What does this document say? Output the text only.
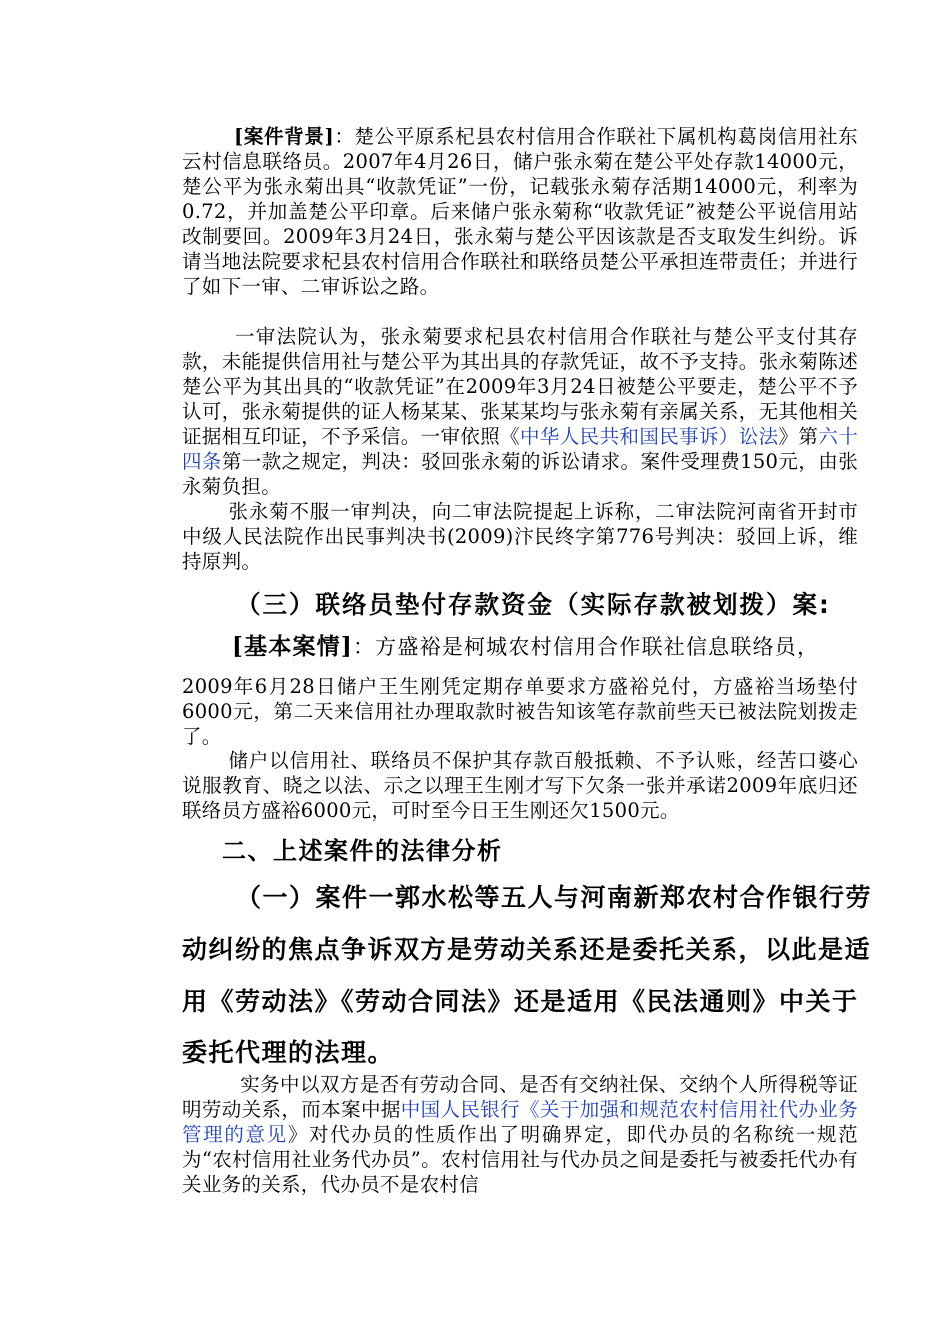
[案件背景]：楚公平原系杞县农村信用合作联社下属机构葛岗信用社东云村信息联络员。2007年4月26日，储户张永菊在楚公平处存款14000元，楚公平为张永菊出具“收款凭证”一份，记载张永菊存活期14000元，利率为0.72，并加盖楚公平印章。后来储户张永菊称“收款凭证”被楚公平说信用站改制要回。2009年3月24日，张永菊与楚公平因该款是否支取发生纠纷。诉请当地法院要求杞县农村信用合作联社和联络员楚公平承担连带责任；并进行了如下一审、二审诉讼之路。

一审法院认为，张永菊要求杞县农村信用合作联社与楚公平支付其存款，未能提供信用社与楚公平为其出具的存款凭证，故不予支持。张永菊陈述楚公平为其出具的“收款凭证”在2009年3月24日被楚公平要走，楚公平不予认可，张永菊提供的证人杨某某、张某某均与张永菊有亲属关系，无其他相关证据相互印证，不予采信。一审依照《中华人民共和国民事诉）讼法》第六十四条第一款之规定，判决：驳回张永菊的诉讼请求。案件受理费150元，由张永菊负担。

张永菊不服一审判决，向二审法院提起上诉称，二审法院河南省开封市中级人民法院作出民事判决书(2009)汴民终字第776号判决：驳回上诉，维持原判。

（三）联络员垫付存款资金（实际存款被划拨）案:

[基本案情]：方盛裕是柯城农村信用合作联社信息联络员，

2009年6月28日储户王生刚凭定期存单要求方盛裕兑付，方盛裕当场垫付6000元，第二天来信用社办理取款时被告知该笔存款前些天已被法院划拨走了。

储户以信用社、联络员不保护其存款百般抵赖、不予认账，经苦口婆心说服教育、晓之以法、示之以理王生刚才写下欠条一张并承诺2009年底归还联络员方盛裕6000元，可时至今日王生刚还欠1500元。

二、上述案件的法律分析
（一）案件一郭水松等五人与河南新郑农村合作银行劳
动纠纷的焦点争诉双方是劳动关系还是委托关系，以此是适
用《劳动法》《劳动合同法》还是适用《民法通则》中关于
委托代理的法理。

实务中以双方是否有劳动合同、是否有交纳社保、交纳个人所得税等证明劳动关系，而本案中据中国人民银行《关于加强和规范农村信用社代办业务管理的意见》对代办员的性质作出了明确界定，即代办员的名称统一规范为“农村信用社业务代办员”。农村信用社与代办员之间是委托与被委托代办有关业务的关系，代办员不是农村信
